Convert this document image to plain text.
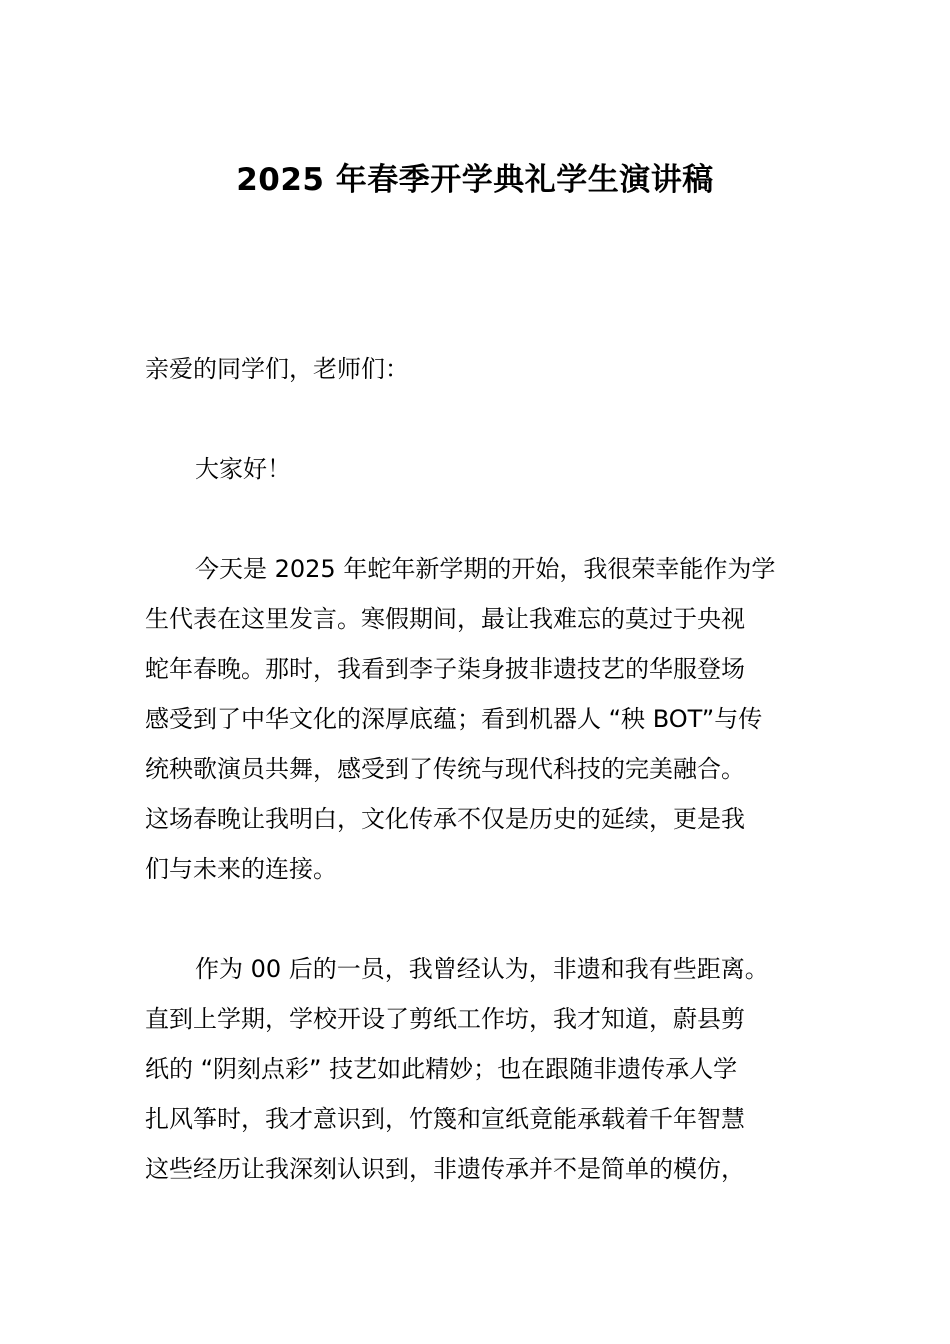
2025 年春季开学典礼学生演讲稿
亲爱的同学们，老师们：
大家好！
今天是 2025 年蛇年新学期的开始，我很荣幸能作为学
生代表在这里发言。寒假期间，最让我难忘的莫过于央视
蛇年春晚。那时，我看到李子柒身披非遗技艺的华服登场
感受到了中华文化的深厚底蕴；看到机器人 “秧 BOT”与传
统秧歌演员共舞，感受到了传统与现代科技的完美融合。
这场春晚让我明白，文化传承不仅是历史的延续，更是我
们与未来的连接。
作为 00 后的一员，我曾经认为，非遗和我有些距离。
直到上学期，学校开设了剪纸工作坊，我才知道，蔚县剪
纸的 “阴刻点彩” 技艺如此精妙；也在跟随非遗传承人学
扎风筝时，我才意识到，竹篾和宣纸竟能承载着千年智慧
这些经历让我深刻认识到，非遗传承并不是简单的模仿，
